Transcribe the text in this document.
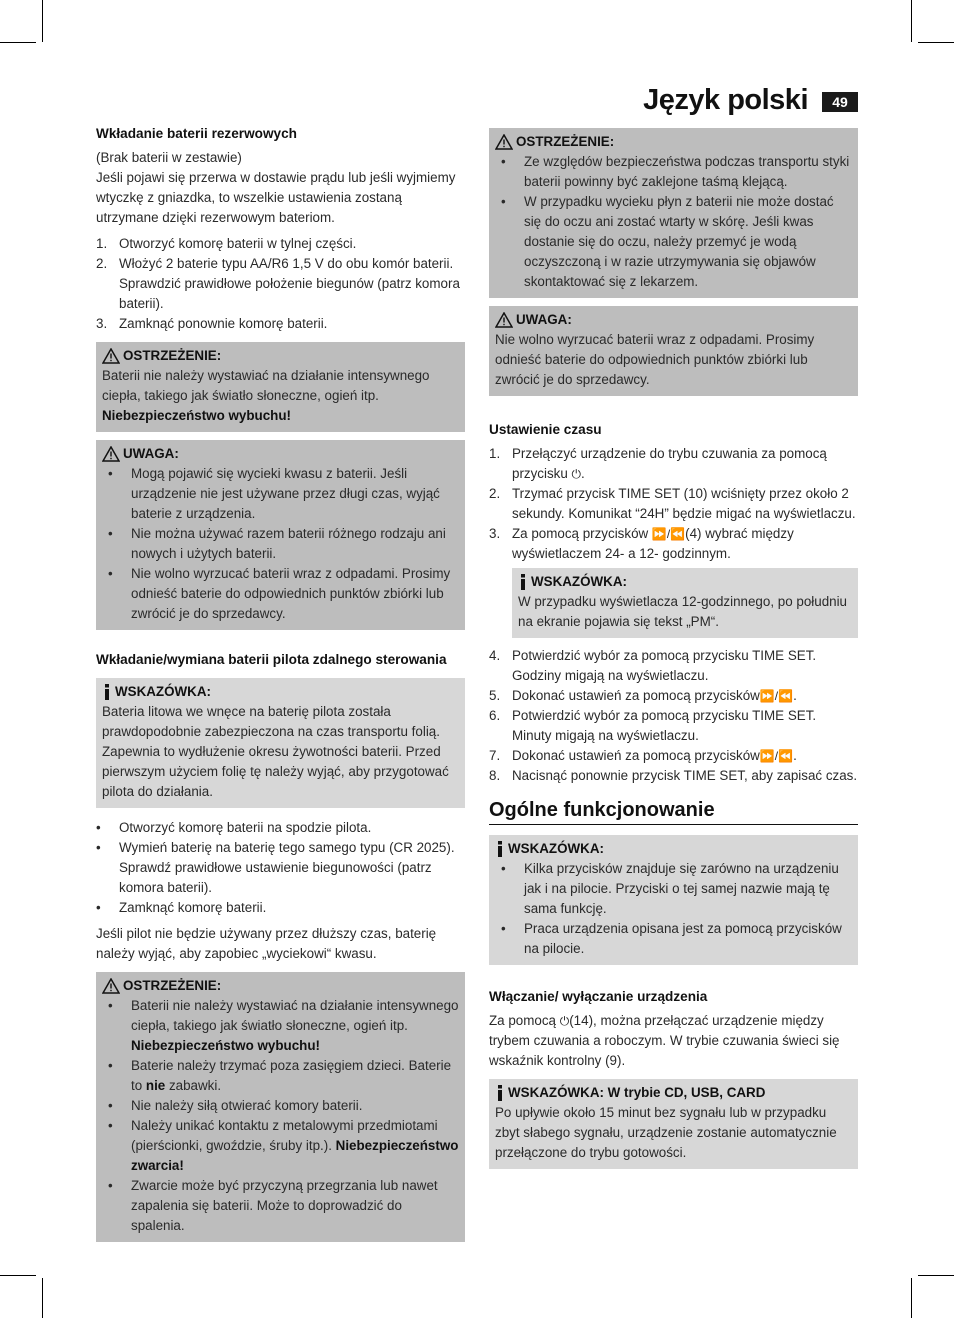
Język polski	49
Wkładanie baterii rezerwowych

(Brak baterii w zestawie)

Jeśli pojawi się przerwa w dostawie prądu lub jeśli wyjmiemy wtyczkę z gniazdka, to wszelkie ustawienia zostaną utrzymane dzięki rezerwowym bateriom.

1. Otworzyć komorę baterii w tylnej części.
2. Włożyć 2 baterie typu AA/R6 1,5 V do obu komór baterii. Sprawdzić prawidłowe położenie biegunów (patrz komora baterii).
3. Zamknąć ponownie komorę baterii.
OSTRZEŻENIE:
Baterii nie należy wystawiać na działanie intensywnego ciepła, takiego jak światło słoneczne, ogień itp. Niebezpieczeństwo wybuchu!
UWAGA:
• Mogą pojawić się wycieki kwasu z baterii. Jeśli urządzenie nie jest używane przez długi czas, wyjąć baterie z urządzenia.
• Nie można używać razem baterii różnego rodzaju ani nowych i użytych baterii.
• Nie wolno wyrzucać baterii wraz z odpadami. Prosimy odnieść baterie do odpowiednich punktów zbiórki lub zwrócić je do sprzedawcy.
Wkładanie/wymiana baterii pilota zdalnego sterowania
WSKAZÓWKA:
Bateria litowa we wnęce na baterię pilota została prawdopodobnie zabezpieczona na czas transportu folią. Zapewnia to wydłużenie okresu żywotności baterii. Przed pierwszym użyciem folię tę należy wyjąć, aby przygotować pilota do działania.
• Otworzyć komorę baterii na spodzie pilota.
• Wymień baterię na baterię tego samego typu (CR 2025). Sprawdź prawidłowe ustawienie biegunowości (patrz komora baterii).
• Zamknąć komorę baterii.

Jeśli pilot nie będzie używany przez dłuższy czas, baterię należy wyjąć, aby zapobiec „wyciekowi“ kwasu.

OSTRZEŻENIE:
• Baterii nie należy wystawiać na działanie intensywnego ciepła, takiego jak światło słoneczne, ogień itp. Niebezpieczeństwo wybuchu!
• Baterie należy trzymać poza zasięgiem dzieci. Baterie to nie zabawki.
• Nie należy siłą otwierać komory baterii.
• Należy unikać kontaktu z metalowymi przedmiotami (pierścionki, gwoździe, śruby itp.). Niebezpieczeństwo zwarcia!
• Zwarcie może być przyczyną przegrzania lub nawet zapalenia się baterii. Może to doprowadzić do spalenia.
OSTRZEŻENIE:
• Ze względów bezpieczeństwa podczas transportu styki baterii powinny być zaklejone taśmą klejącą.
• W przypadku wycieku płyn z baterii nie może dostać się do oczu ani zostać wtarty w skórę. Jeśli kwas dostanie się do oczu, należy przemyć je wodą oczyszczoną i w razie utrzymywania się objawów skontaktować się z lekarzem.
UWAGA:
Nie wolno wyrzucać baterii wraz z odpadami. Prosimy odnieść baterie do odpowiednich punktów zbiórki lub zwrócić je do sprzedawcy.
Ustawienie czasu
1. Przełączyć urządzenie do trybu czuwania za pomocą przycisku ⏻.
2. Trzymać przycisk TIME SET (10) wciśnięty przez około 2 sekundy. Komunikat “24H” będzie migać na wyświetlaczu.
3. Za pomocą przycisków ⏩/⏪(4) wybrać między wyświetlaczem 24- a 12- godzinnym.
WSKAZÓWKA:
W przypadku wyświetlacza 12-godzinnego, po południu na ekranie pojawia się tekst „PM“.
4. Potwierdzić wybór za pomocą przycisku TIME SET. Godziny migają na wyświetlaczu.
5. Dokonać ustawień za pomocą przycisków⏩/⏪.
6. Potwierdzić wybór za pomocą przycisku TIME SET. Minuty migają na wyświetlaczu.
7. Dokonać ustawień za pomocą przycisków⏩/⏪.
8. Nacisnąć ponownie przycisk TIME SET, aby zapisać czas.
Ogólne funkcjonowanie
WSKAZÓWKA:
• Kilka przycisków znajduje się zarówno na urządzeniu jak i na pilocie. Przyciski o tej samej nazwie mają tę sama funkcję.
• Praca urządzenia opisana jest za pomocą przycisków na pilocie.
Włączanie/ wyłączanie urządzenia

Za pomocą ⏻(14), można przełączać urządzenie między trybem czuwania a roboczym. W trybie czuwania świeci się wskaźnik kontrolny (9).

WSKAZÓWKA: W trybie CD, USB, CARD
Po upływie około 15 minut bez sygnału lub w przypadku zbyt słabego sygnału, urządzenie zostanie automatycznie przełączone do trybu gotowości.
